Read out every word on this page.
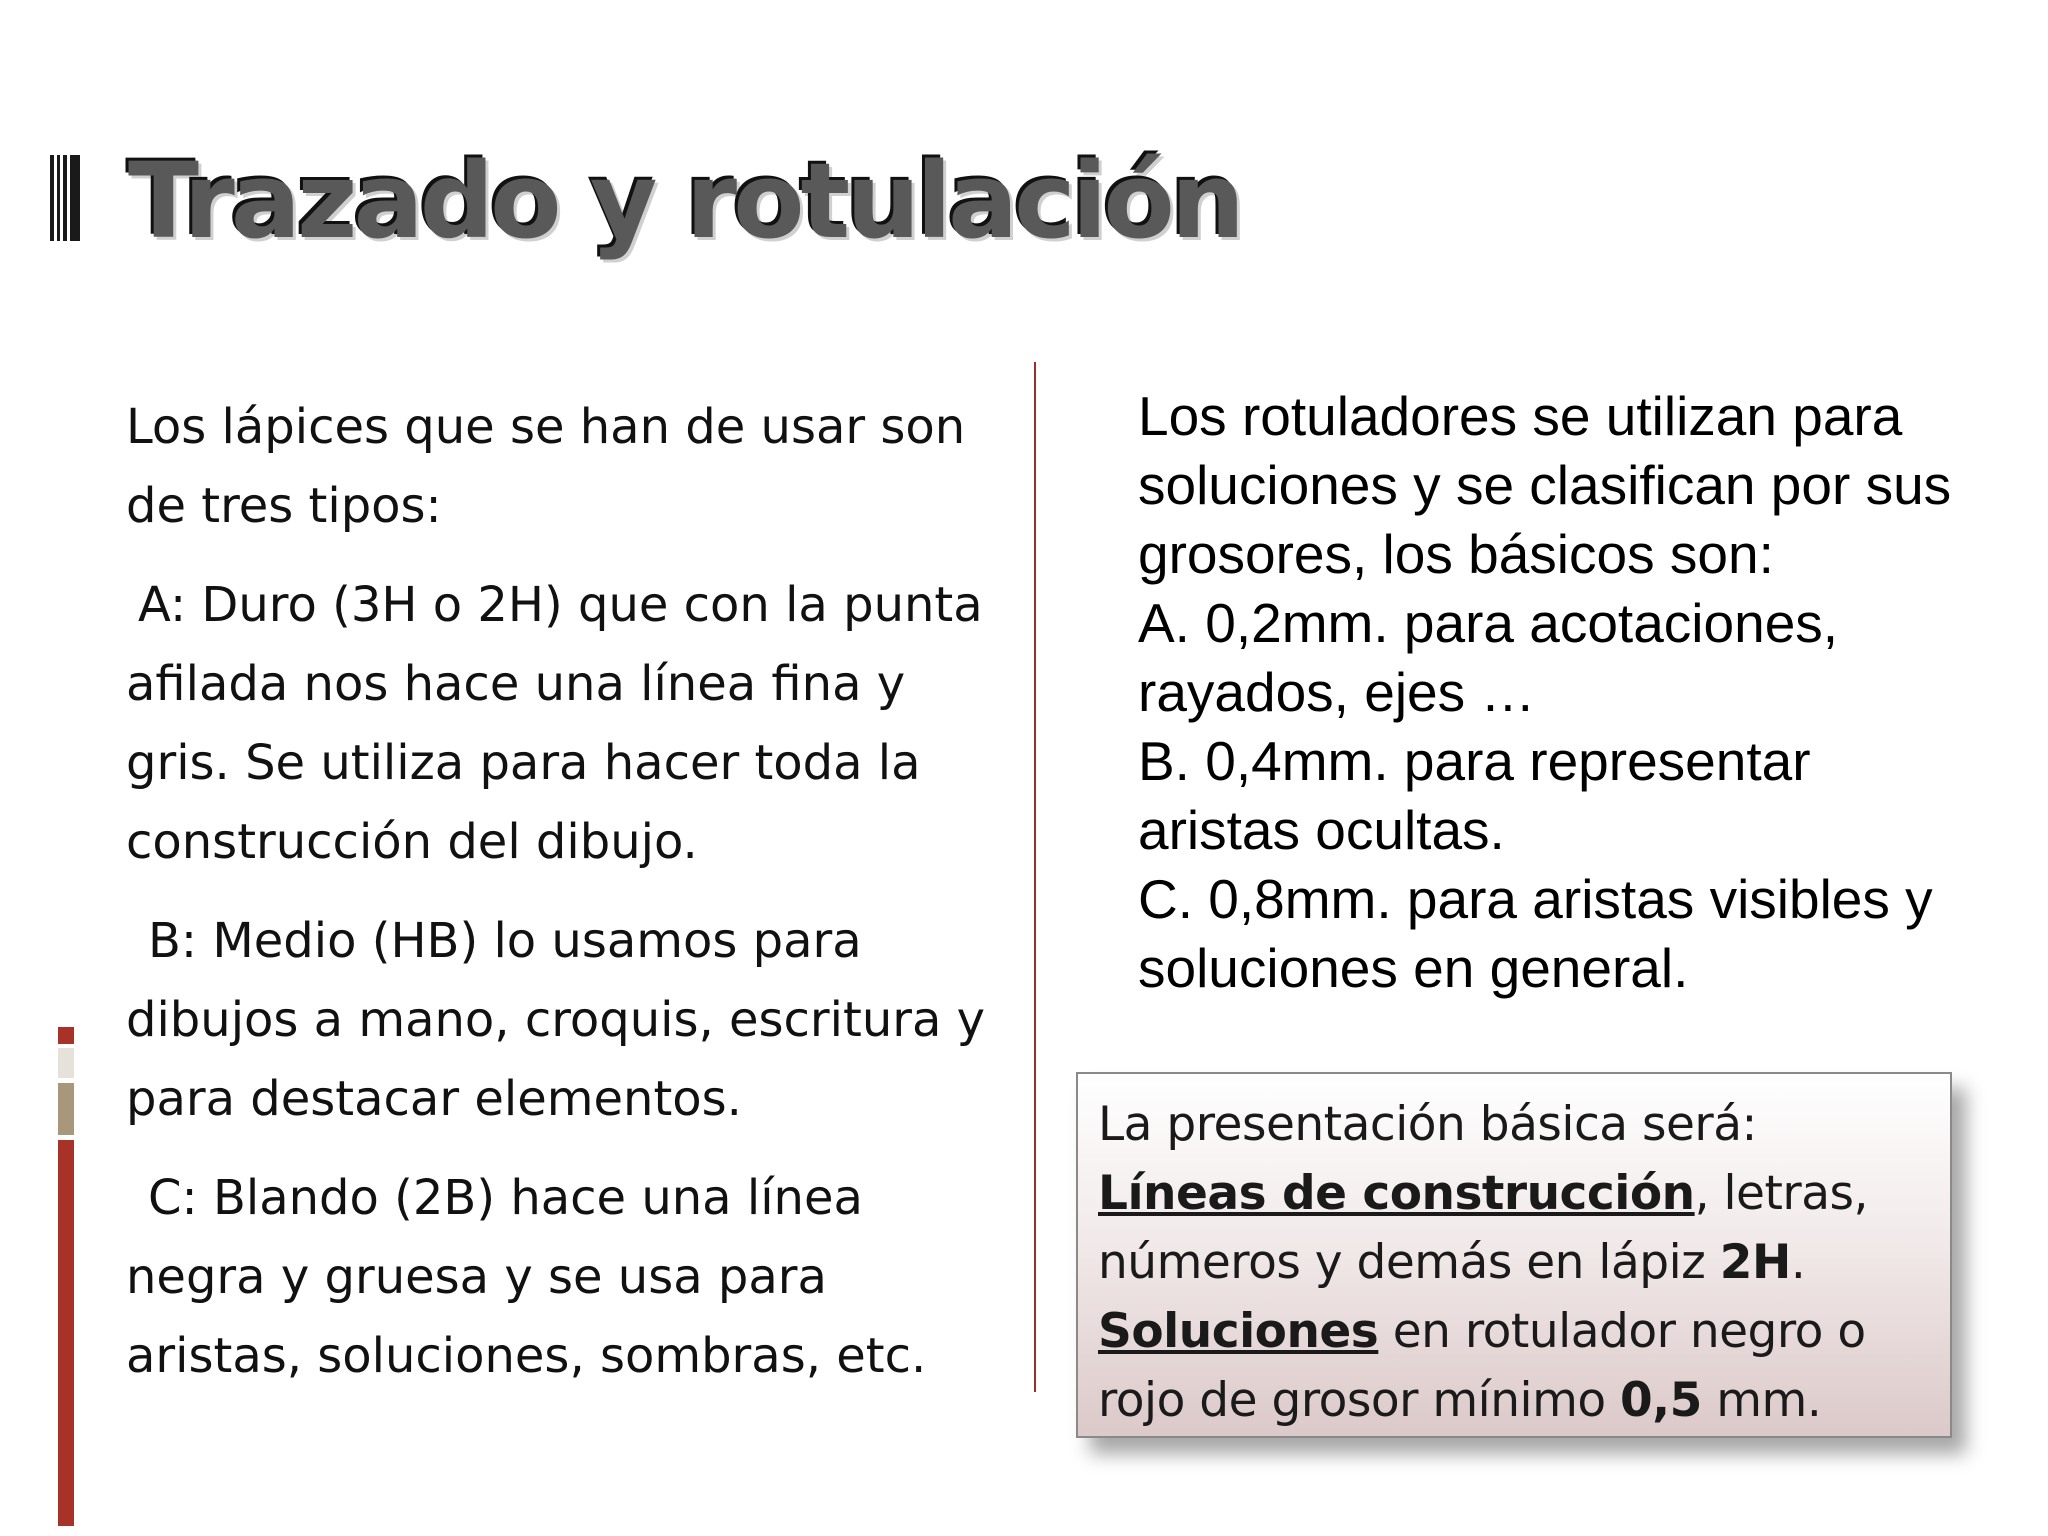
Trazado y rotulación

Los lápices que se han de usar son de tres tipos:

A: Duro (3H o 2H) que con la punta afilada nos hace una línea fina y gris. Se utiliza para hacer toda la construcción del dibujo.

B: Medio (HB) lo usamos para dibujos a mano, croquis, escritura y para destacar elementos.

C: Blando (2B) hace una línea negra y gruesa y se usa para aristas, soluciones, sombras, etc.

Los rotuladores se utilizan para
soluciones y se clasifican por sus
grosores, los básicos son:
A. 0,2mm. para acotaciones,
rayados, ejes …
B. 0,4mm. para representar
aristas ocultas.
C. 0,8mm. para aristas visibles y
soluciones en general.
La presentación básica será:
Líneas de construcción, letras,
números y demás en lápiz 2H.
Soluciones en rotulador negro o
rojo de grosor mínimo 0,5 mm.
